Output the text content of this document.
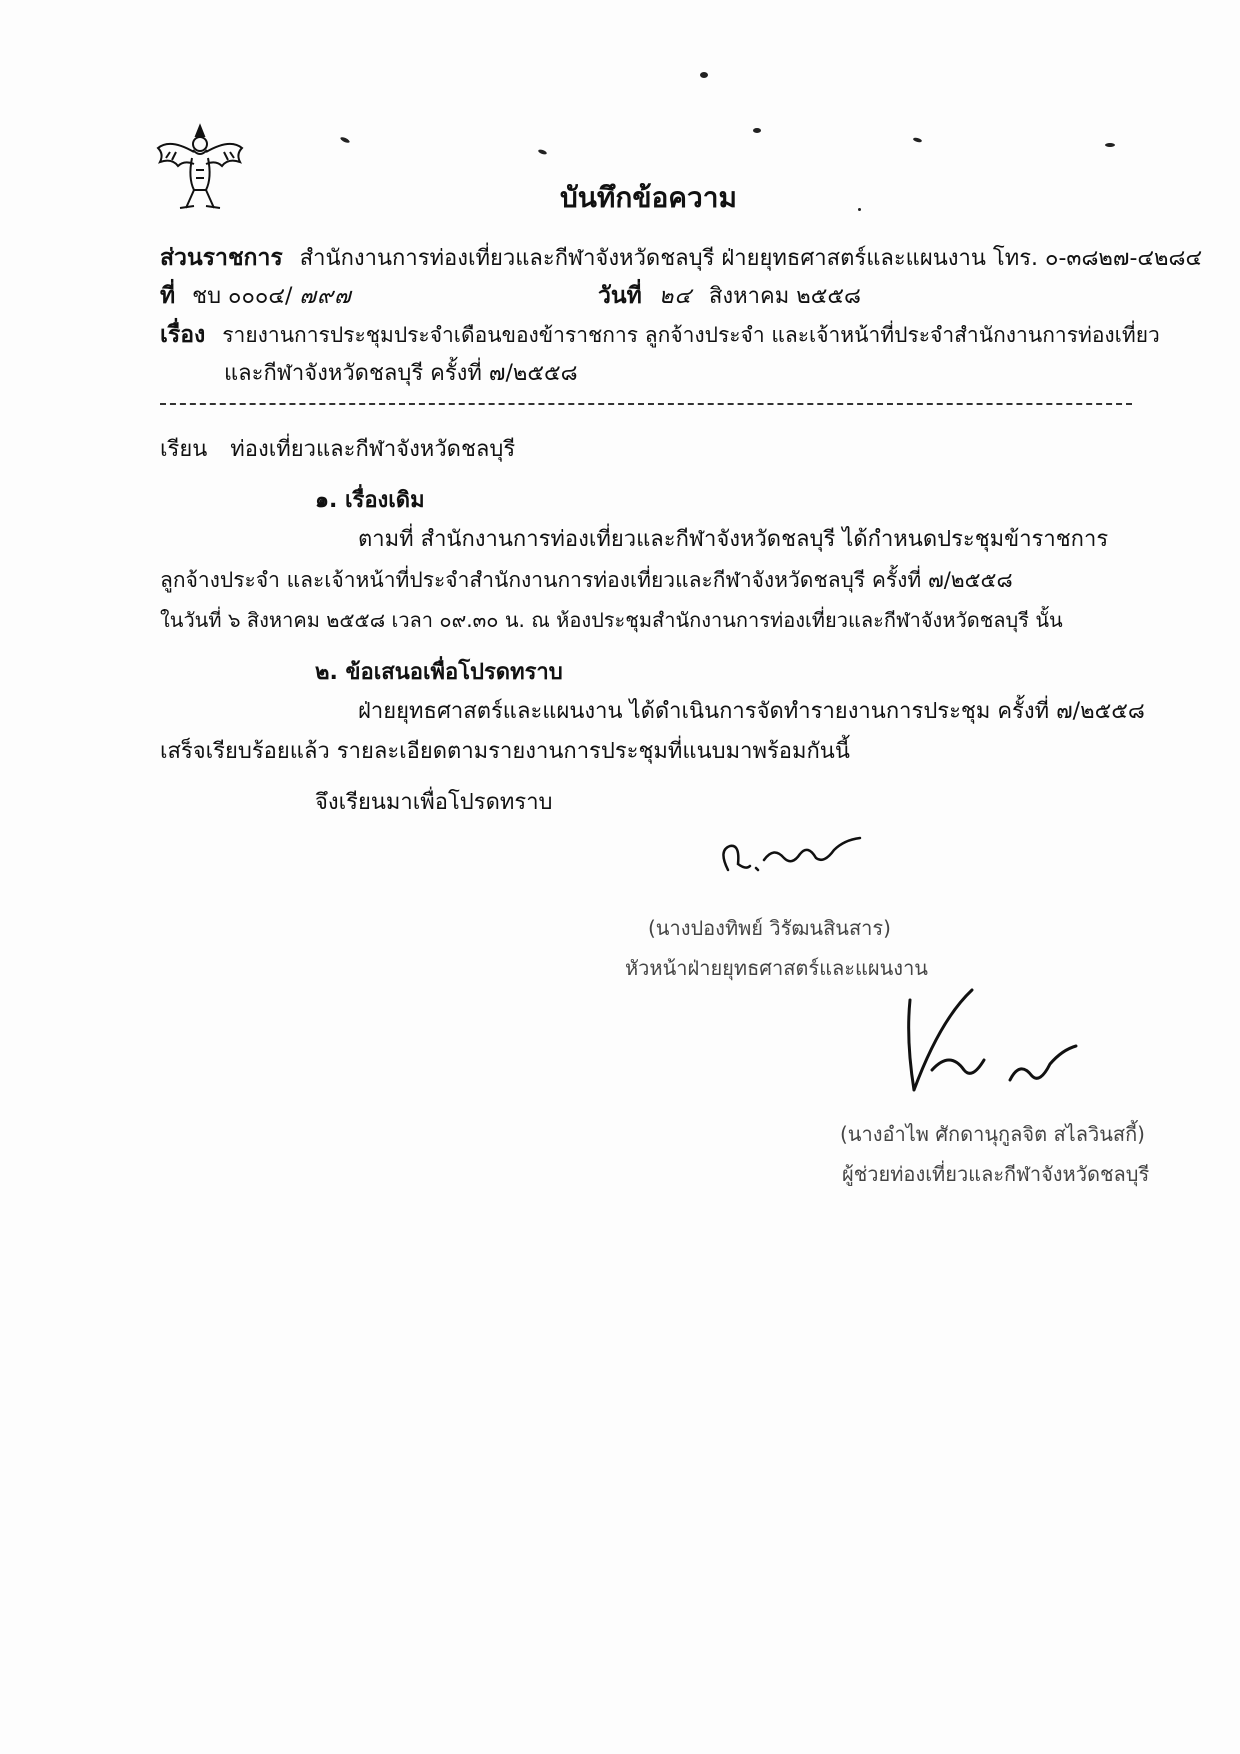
บันทึกข้อความ
ส่วนราชการ สำนักงานการท่องเที่ยวและกีฬาจังหวัดชลบุรี ฝ่ายยุทธศาสตร์และแผนงาน โทร. ๐-๓๘๒๗-๔๒๘๔
ที่ ชบ ๐๐๐๔/ ๗๙๗	วันที่ ๒๔ สิงหาคม ๒๕๕๘
เรื่อง รายงานการประชุมประจำเดือนของข้าราชการ ลูกจ้างประจำ และเจ้าหน้าที่ประจำสำนักงานการท่องเที่ยว
และกีฬาจังหวัดชลบุรี ครั้งที่ ๗/๒๕๕๘
เรียน ท่องเที่ยวและกีฬาจังหวัดชลบุรี
๑. เรื่องเดิม
ตามที่ สำนักงานการท่องเที่ยวและกีฬาจังหวัดชลบุรี ได้กำหนดประชุมข้าราชการ
ลูกจ้างประจำ และเจ้าหน้าที่ประจำสำนักงานการท่องเที่ยวและกีฬาจังหวัดชลบุรี ครั้งที่ ๗/๒๕๕๘
ในวันที่ ๖ สิงหาคม ๒๕๕๘ เวลา ๐๙.๓๐ น. ณ ห้องประชุมสำนักงานการท่องเที่ยวและกีฬาจังหวัดชลบุรี นั้น
๒. ข้อเสนอเพื่อโปรดทราบ
ฝ่ายยุทธศาสตร์และแผนงาน ได้ดำเนินการจัดทำรายงานการประชุม ครั้งที่ ๗/๒๕๕๘
เสร็จเรียบร้อยแล้ว รายละเอียดตามรายงานการประชุมที่แนบมาพร้อมกันนี้
จึงเรียนมาเพื่อโปรดทราบ
(นางปองทิพย์ วิรัฒนสินสาร)
หัวหน้าฝ่ายยุทธศาสตร์และแผนงาน
(นางอำไพ ศักดานุกูลจิต สไลวินสกี้)
ผู้ช่วยท่องเที่ยวและกีฬาจังหวัดชลบุรี
